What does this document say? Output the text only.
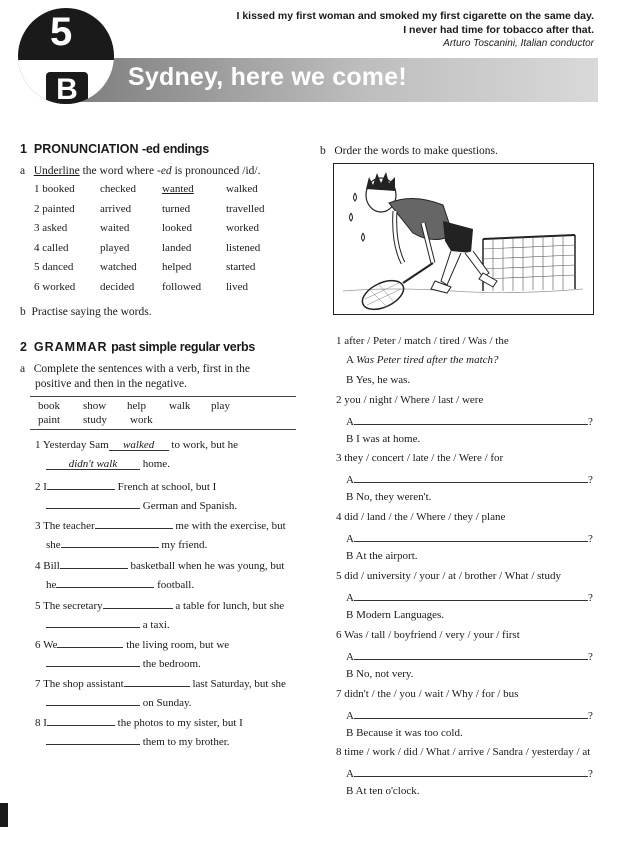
I kissed my first woman and smoked my first cigarette on the same day.
I never had time for tobacco after that.
Arturo Toscanini, Italian conductor
Sydney, here we come!
5
B
1 PRONUNCIATION -ed endings
a Underline the word where -ed is pronounced /id/.
1 booked checked wanted	walked
2 painted arrived	turned	travelled
3 asked	waited	looked	worked
4 called	played	landed	listened
5 danced watched helped	started
6 worked decided	followed lived
b Practise saying the words.
2 GRAMMAR past simple regular verbs
a Complete the sentences with a verb, first in the
positive and then in the negative.
book show help walk play
paint study work
1 Yesterday Sam walked to work, but he
didn't walk home.
2 I	French at school, but I
German and Spanish.
3 The teacher	me with the exercise, but
she	my friend.
4 Bill	basketball when he was young, but
he	football.
5 The secretary	a table for lunch, but she
a taxi.
6 We	the living room, but we
the bedroom.
7 The shop assistant	last Saturday, but she
on Sunday.
8 I	the photos to my sister, but I
them to my brother.
b Order the words to make questions.
1 after / Peter / match / tired / Was / the
A Was Peter tired after the match?
B Yes, he was.
2 you / night / Where / last / were
A	?
B I was at home.
3 they / concert / late / the / Were / for
A	?
B No, they weren't.
4 did / land / the / Where / they / plane
A	?
B At the airport.
5 did / university / your / at / brother / What / study
A	?
B Modern Languages.
6 Was / tall / boyfriend / very / your / first
A	?
B No, not very.
7 didn't / the / you / wait / Why / for / bus
A	?
B Because it was too cold.
8 time / work / did / What / arrive / Sandra / yesterday / at
A	?
B At ten o'clock.
